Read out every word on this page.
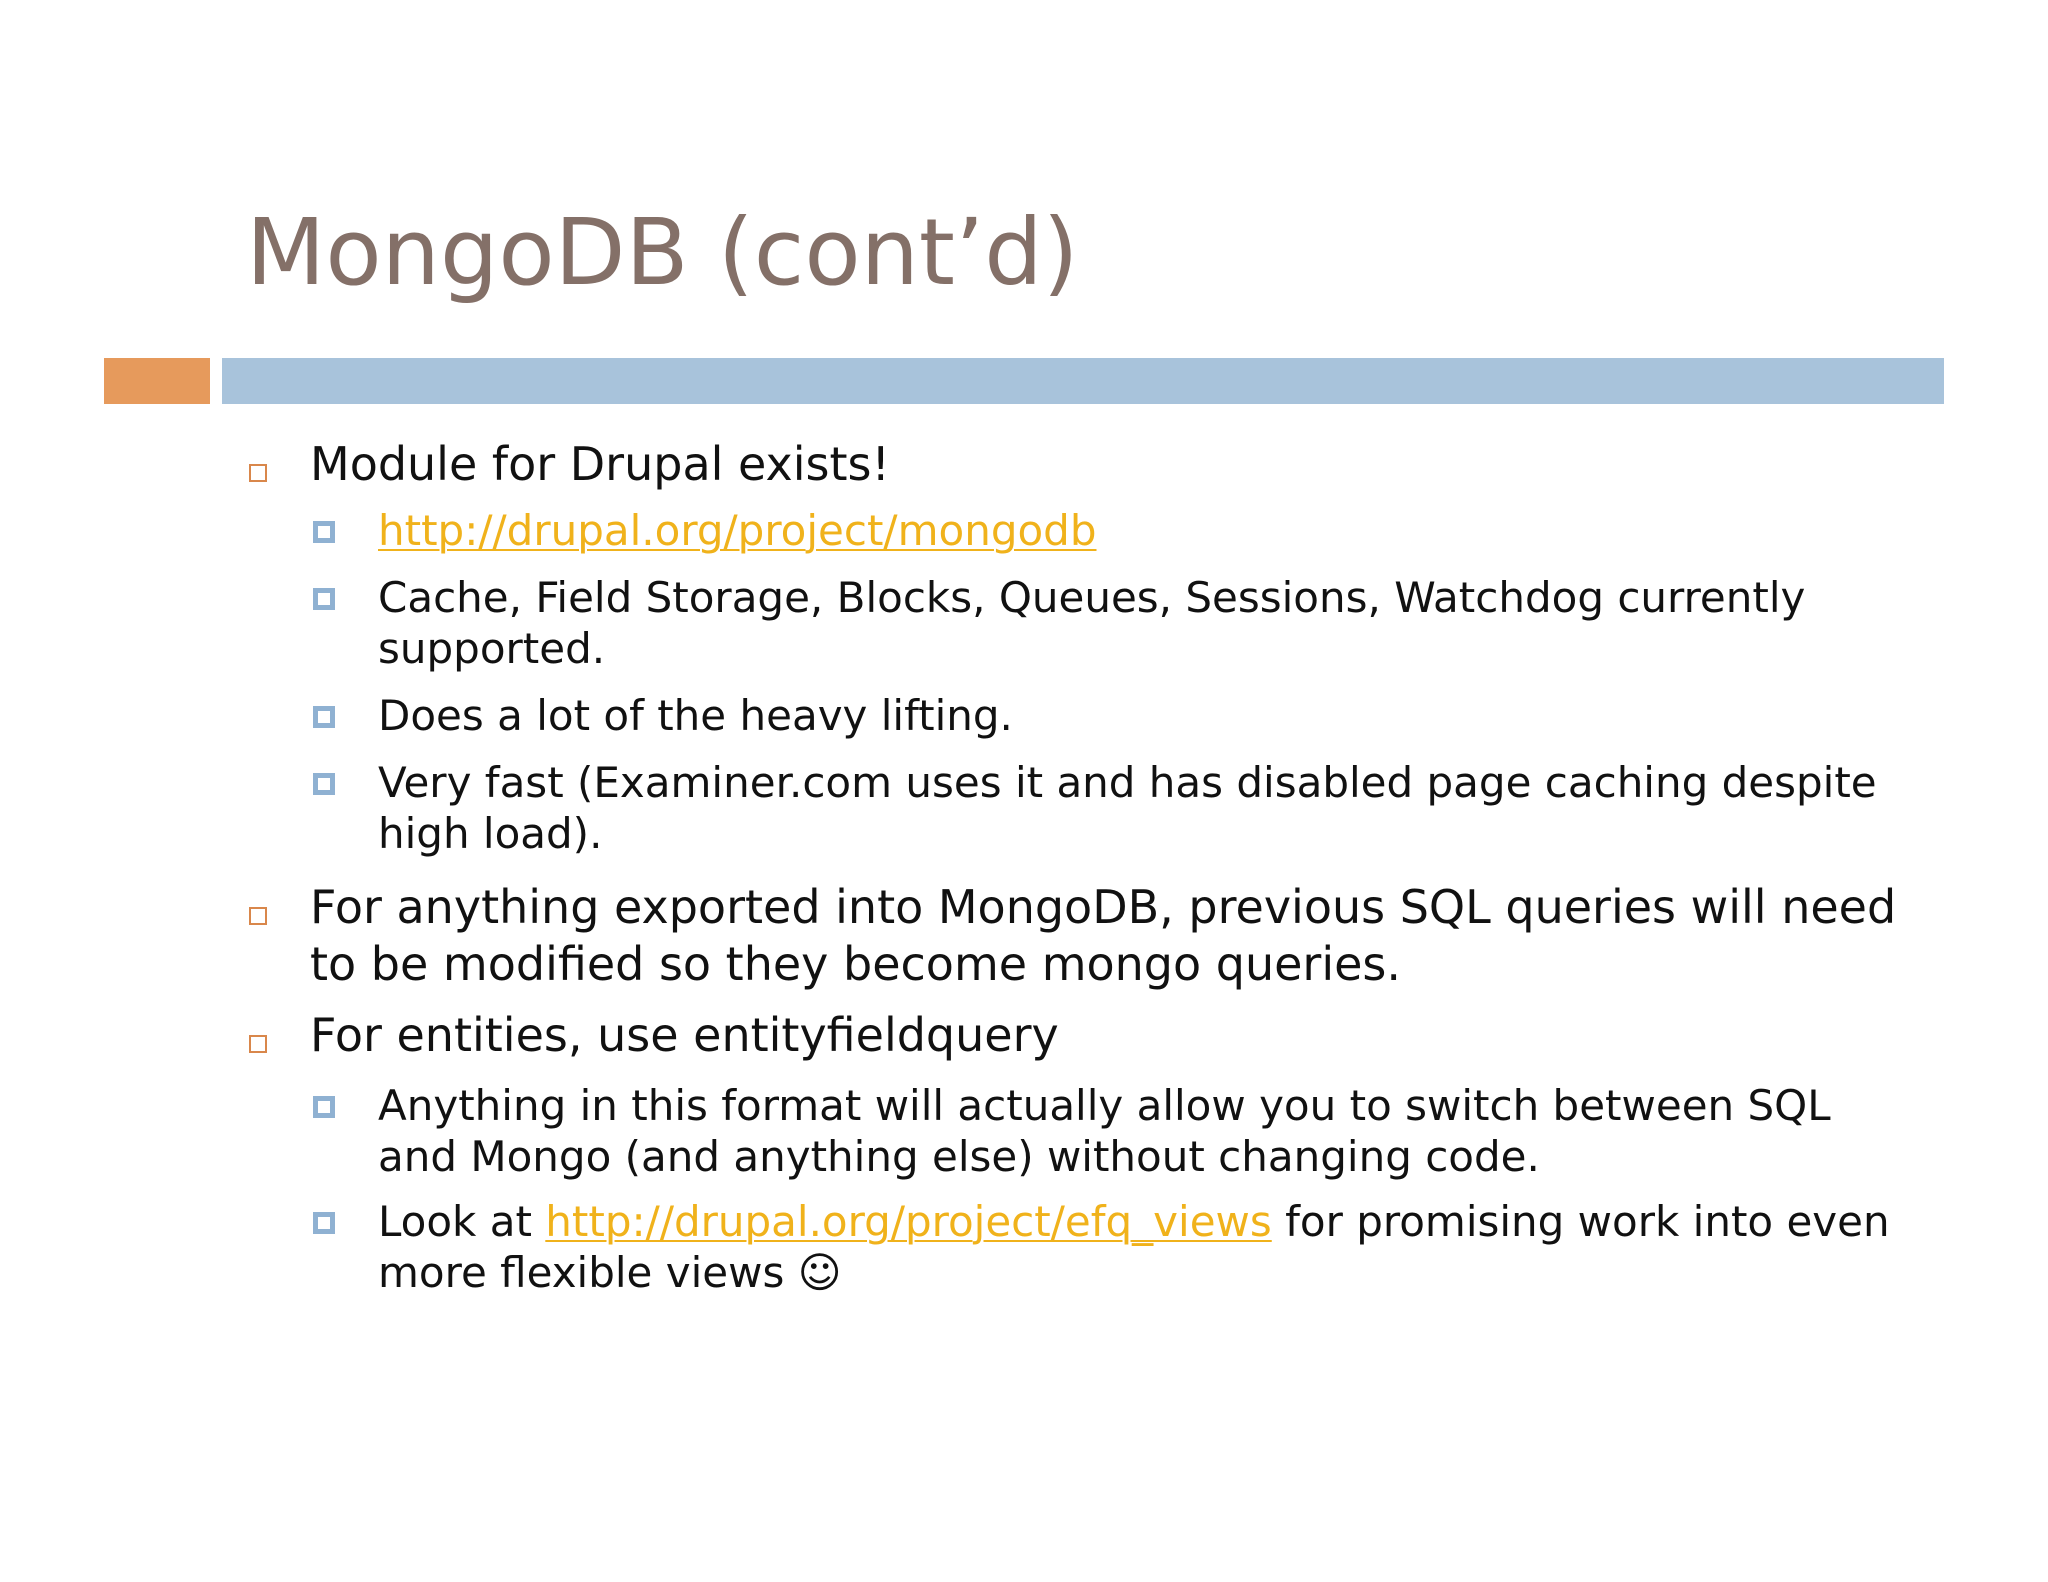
MongoDB (cont’d)
Module for Drupal exists!
http://drupal.org/project/mongodb
Cache, Field Storage, Blocks, Queues, Sessions, Watchdog currently supported.
Does a lot of the heavy lifting.
Very fast (Examiner.com uses it and has disabled page caching despite high load).
For anything exported into MongoDB, previous SQL queries will need to be modified so they become mongo queries.
For entities, use entityfieldquery
Anything in this format will actually allow you to switch between SQL and Mongo (and anything else) without changing code.
Look at http://drupal.org/project/efq_views for promising work into even more flexible views ☺
